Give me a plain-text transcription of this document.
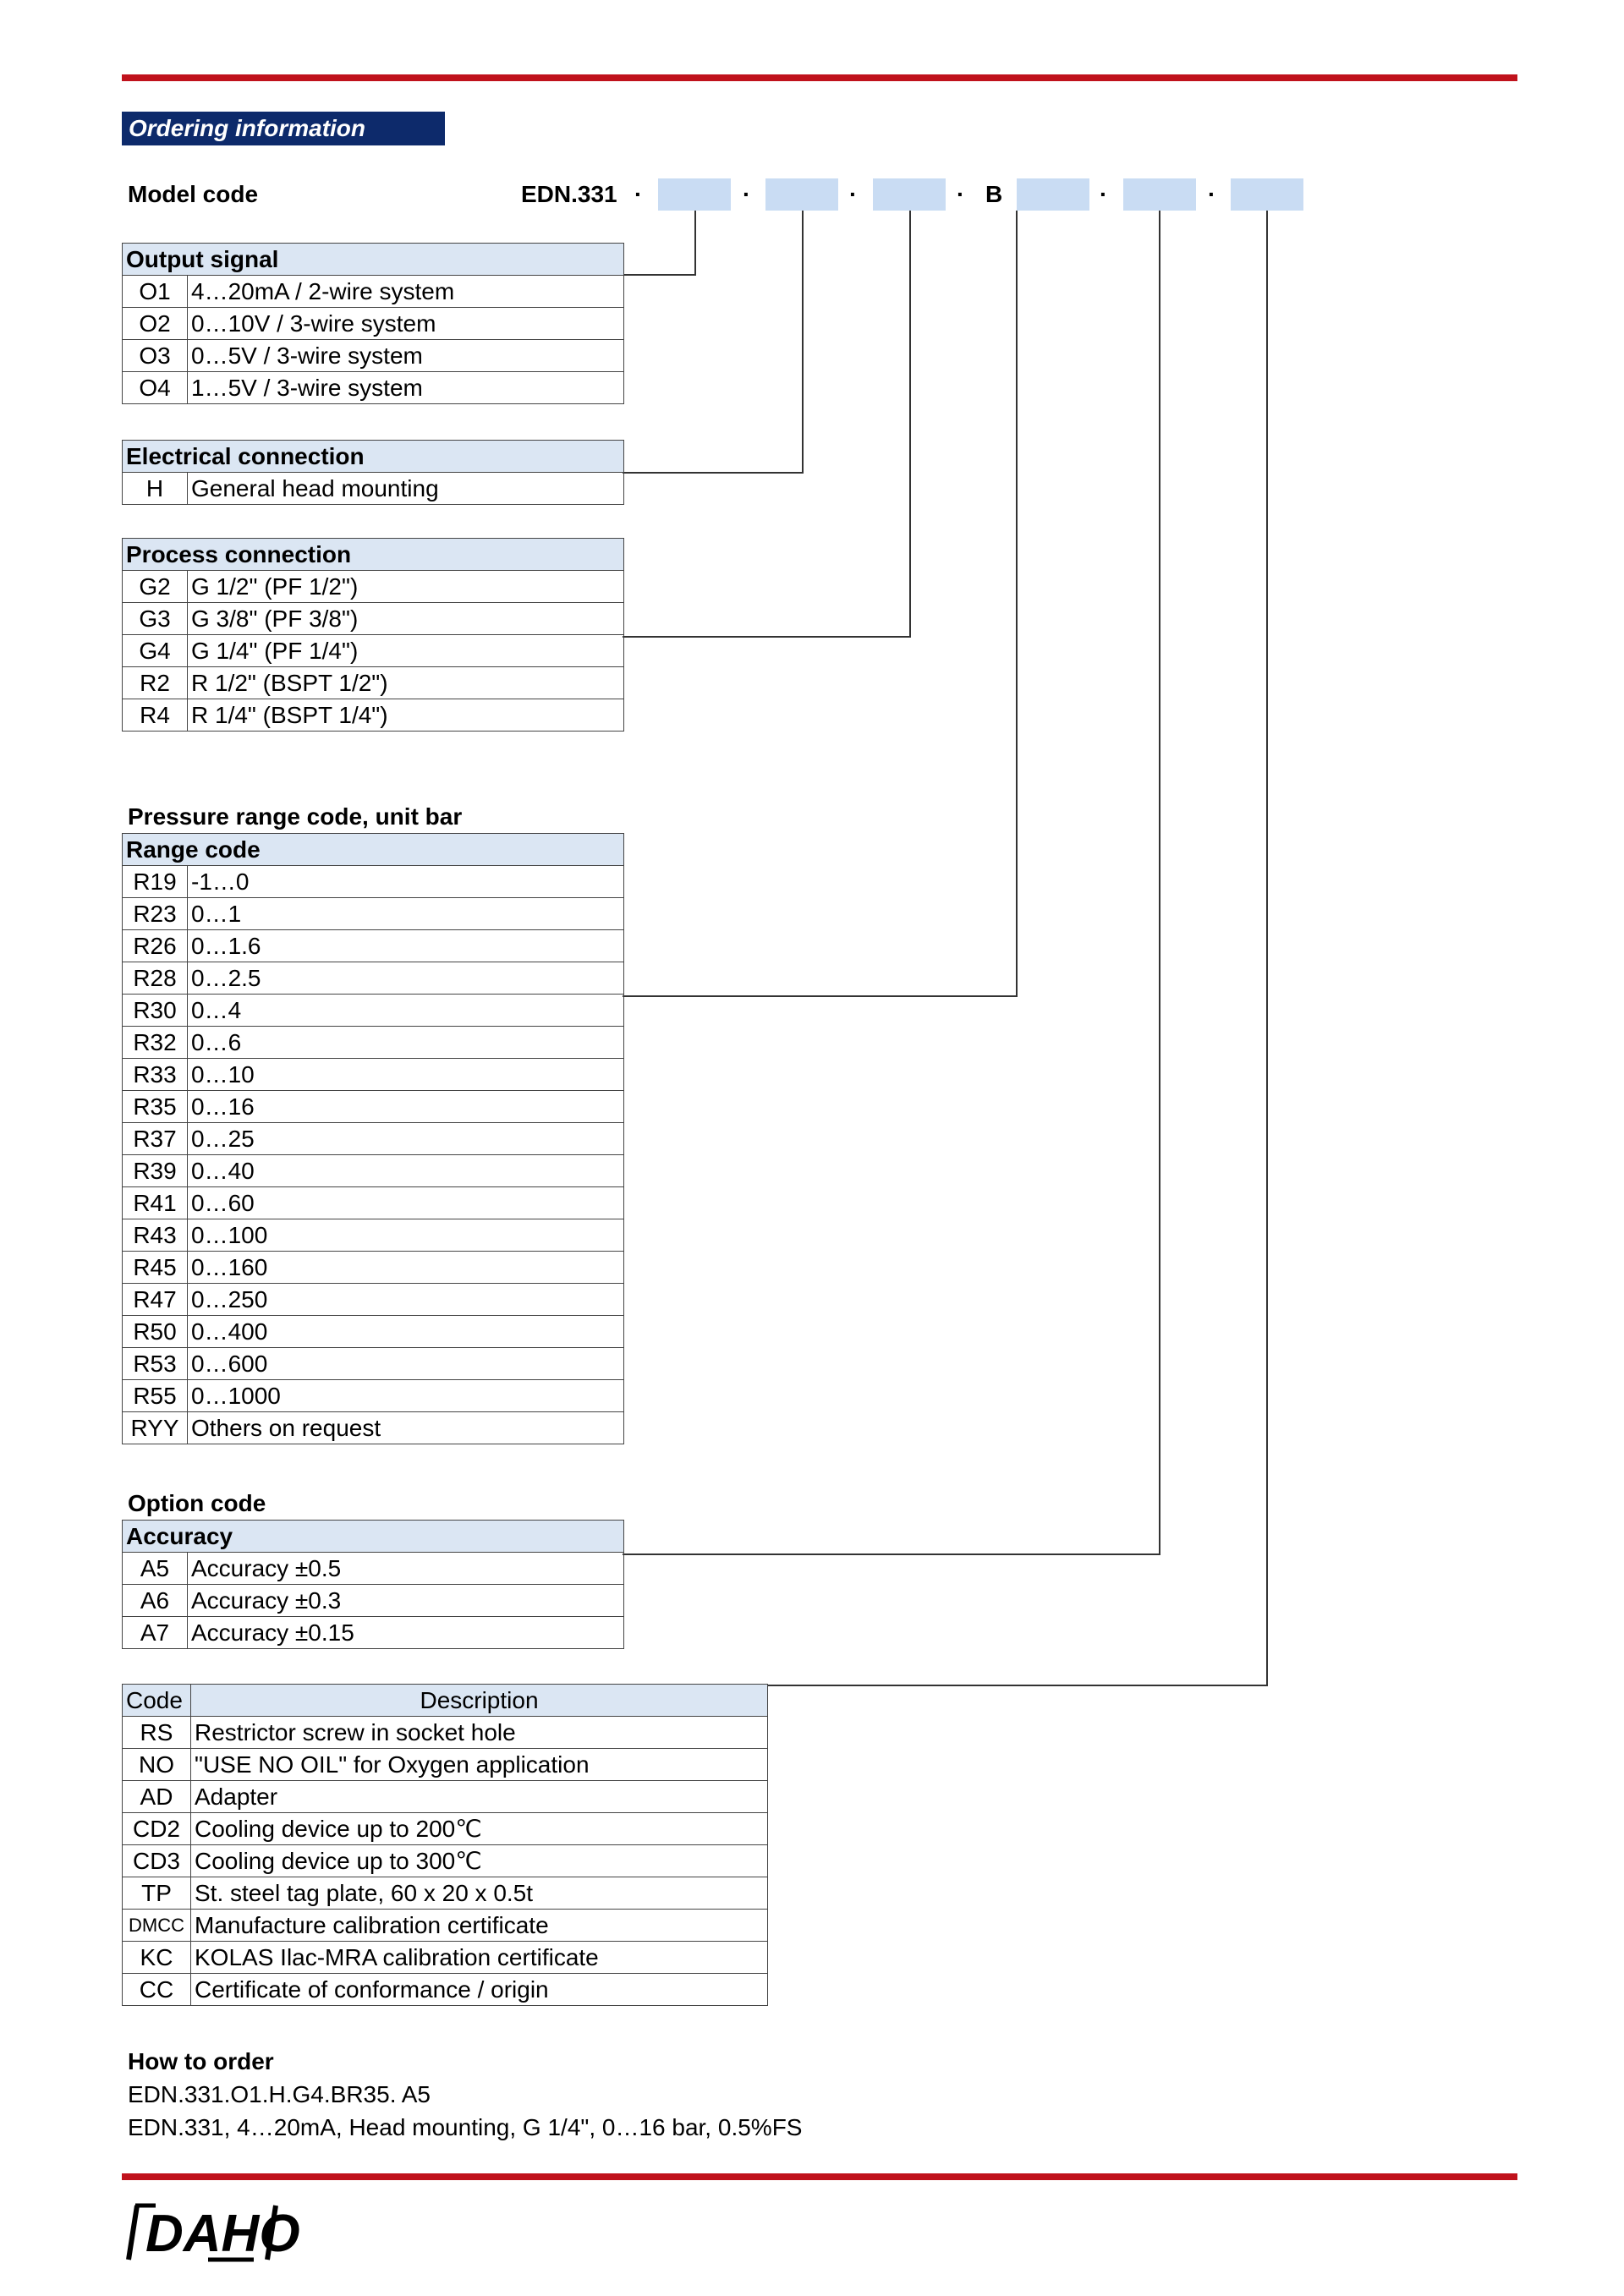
Ordering information
Model code	EDN.331 ·	·	·	· B	·	·
Output signal	
O1	4…20mA / 2-wire system
O2	0…10V / 3-wire system
O3	0…5V / 3-wire system
O4	1…5V / 3-wire system
Electrical connection
H	General head mounting
Process connection	
G2	G 1/2" (PF 1/2")
G3	G 3/8" (PF 3/8")
G4	G 1/4" (PF 1/4")
R2	R 1/2" (BSPT 1/2")
R4	R 1/4" (BSPT 1/4")
Pressure range code, unit bar
Range code	
R19	-1…0
R23	0…1
R26	0…1.6
R28	0…2.5
R30	0…4
R32	0…6
R33	0…10
R35	0…16
R37	0…25
R39	0…40
R41	0…60
R43	0…100
R45	0…160
R47	0…250
R50	0…400
R53	0…600
R55	0…1000
RYY	Others on request
Option code
Accuracy	
A5	Accuracy ±0.5
A6	Accuracy ±0.3
A7	Accuracy ±0.15
Code	Description
RS	Restrictor screw in socket hole
NO	"USE NO OIL" for Oxygen application
AD	Adapter
CD2	Cooling device up to 200℃
CD3	Cooling device up to 300℃
TP	St. steel tag plate, 60 x 20 x 0.5t
DMCC	Manufacture calibration certificate
KC	KOLAS Ilac-MRA calibration certificate
CC	Certificate of conformance / origin
How to order
EDN.331.O1.H.G4.BR35. A5
EDN.331, 4…20mA, Head mounting, G 1/4", 0…16 bar, 0.5%FS
DAHO
